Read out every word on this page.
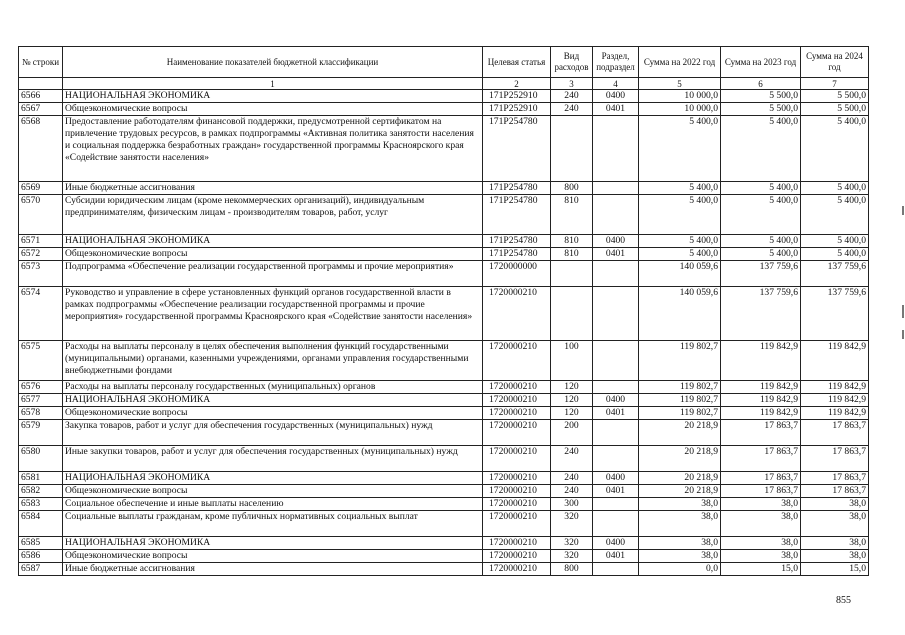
№ строки	Наименование показателей бюджетной классификации	Целевая статья	Вид расходов	Раздел, подраздел	Сумма на 2022 год	Сумма на 2023 год	Сумма на 2024 год
	1	2	3	4	5	6	7
6566	НАЦИОНАЛЬНАЯ ЭКОНОМИКА	171P252910	240	0400	10 000,0	5 500,0	5 500,0
6567	Общеэкономические вопросы	171P252910	240	0401	10 000,0	5 500,0	5 500,0
6568	Предоставление работодателям финансовой поддержки, предусмотренной сертификатом на привлечение трудовых ресурсов, в рамках подпрограммы «Активная политика занятости населения и социальная поддержка безработных граждан» государственной программы Красноярского края «Содействие занятости населения»	171P254780			5 400,0	5 400,0	5 400,0
6569	Иные бюджетные ассигнования	171P254780	800		5 400,0	5 400,0	5 400,0
6570	Субсидии юридическим лицам (кроме некоммерческих организаций), индивидуальным предпринимателям, физическим лицам - производителям товаров, работ, услуг	171P254780	810		5 400,0	5 400,0	5 400,0
6571	НАЦИОНАЛЬНАЯ ЭКОНОМИКА	171P254780	810	0400	5 400,0	5 400,0	5 400,0
6572	Общеэкономические вопросы	171P254780	810	0401	5 400,0	5 400,0	5 400,0
6573	Подпрограмма «Обеспечение реализации государственной программы и прочие мероприятия»	1720000000			140 059,6	137 759,6	137 759,6
6574	Руководство и управление в сфере установленных функций органов государственной власти в рамках подпрограммы «Обеспечение реализации государственной программы и прочие мероприятия» государственной программы Красноярского края «Содействие занятости населения»	1720000210			140 059,6	137 759,6	137 759,6
6575	Расходы на выплаты персоналу в целях обеспечения выполнения функций государственными (муниципальными) органами, казенными учреждениями, органами управления государственными внебюджетными фондами	1720000210	100		119 802,7	119 842,9	119 842,9
6576	Расходы на выплаты персоналу государственных (муниципальных) органов	1720000210	120		119 802,7	119 842,9	119 842,9
6577	НАЦИОНАЛЬНАЯ ЭКОНОМИКА	1720000210	120	0400	119 802,7	119 842,9	119 842,9
6578	Общеэкономические вопросы	1720000210	120	0401	119 802,7	119 842,9	119 842,9
6579	Закупка товаров, работ и услуг для обеспечения государственных (муниципальных) нужд	1720000210	200		20 218,9	17 863,7	17 863,7
6580	Иные закупки товаров, работ и услуг для обеспечения государственных (муниципальных) нужд	1720000210	240		20 218,9	17 863,7	17 863,7
6581	НАЦИОНАЛЬНАЯ ЭКОНОМИКА	1720000210	240	0400	20 218,9	17 863,7	17 863,7
6582	Общеэкономические вопросы	1720000210	240	0401	20 218,9	17 863,7	17 863,7
6583	Социальное обеспечение и иные выплаты населению	1720000210	300		38,0	38,0	38,0
6584	Социальные выплаты гражданам, кроме публичных нормативных социальных выплат	1720000210	320		38,0	38,0	38,0
6585	НАЦИОНАЛЬНАЯ ЭКОНОМИКА	1720000210	320	0400	38,0	38,0	38,0
6586	Общеэкономические вопросы	1720000210	320	0401	38,0	38,0	38,0
6587	Иные бюджетные ассигнования	1720000210	800		0,0	15,0	15,0
855
